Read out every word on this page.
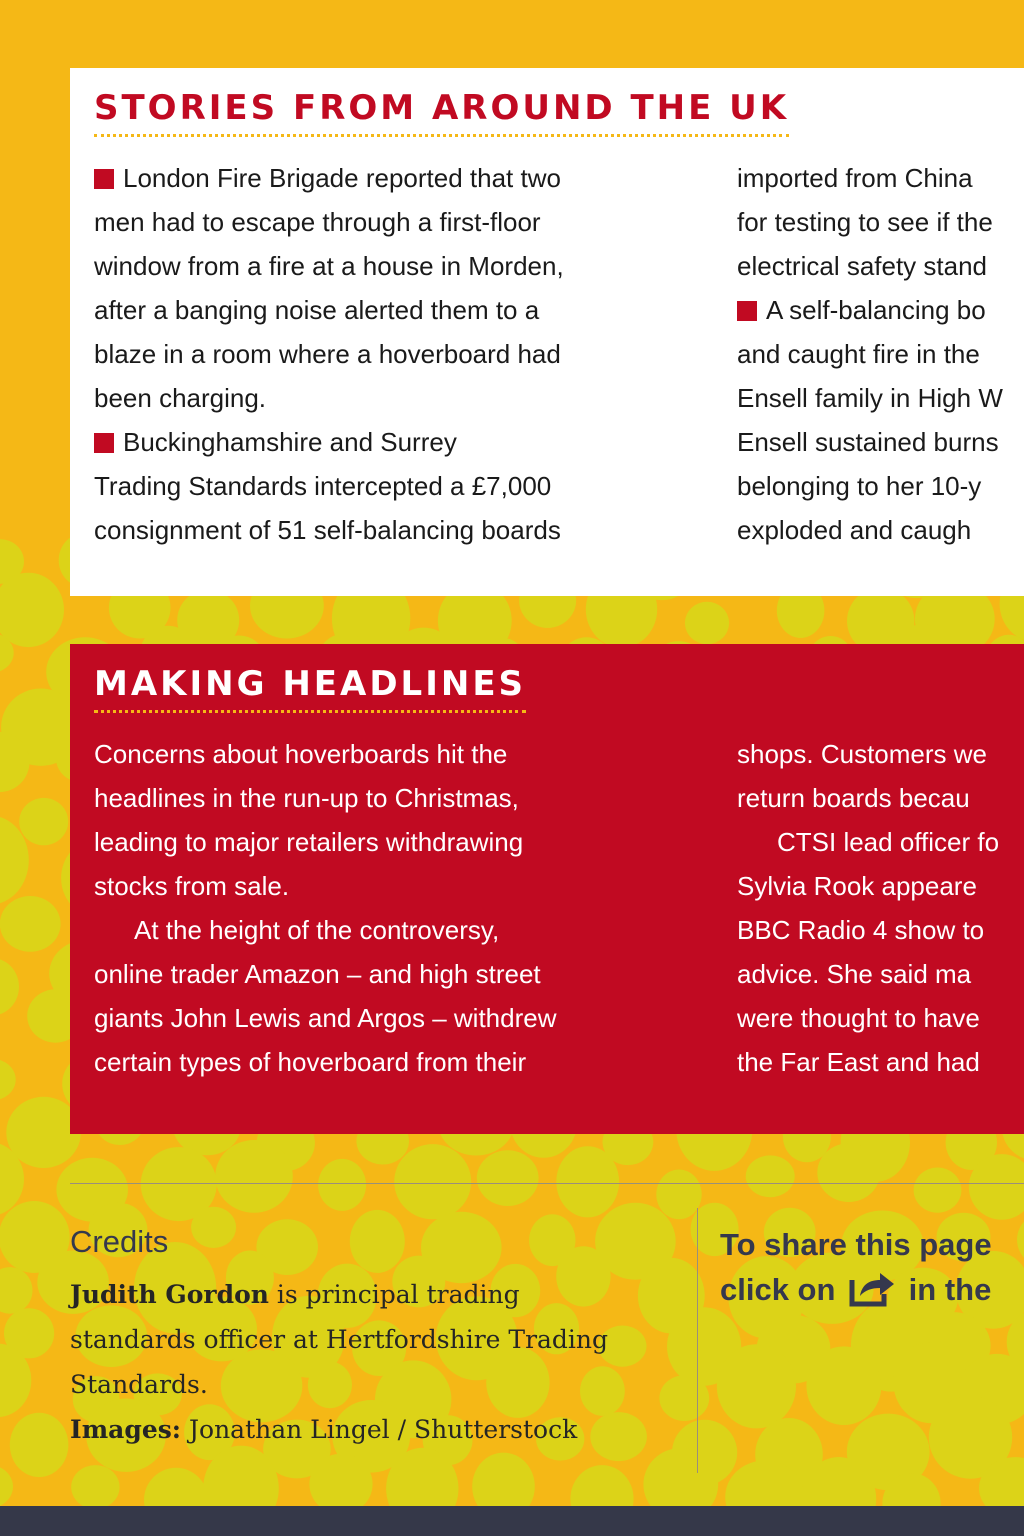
STORIES FROM AROUND THE UK

London Fire Brigade reported that two

men had to escape through a first-floor

window from a fire at a house in Morden,

after a banging noise alerted them to a

blaze in a room where a hoverboard had

been charging.

Buckinghamshire and Surrey

Trading Standards intercepted a £7,000

consignment of 51 self-balancing boards

imported from China

for testing to see if the

electrical safety stand

A self-balancing bo

and caught fire in the

Ensell family in High W

Ensell sustained burns

belonging to her 10-y

exploded and caugh

MAKING HEADLINES

Concerns about hoverboards hit the

headlines in the run-up to Christmas,

leading to major retailers withdrawing

stocks from sale.

At the height of the controversy,

online trader Amazon – and high street

giants John Lewis and Argos – withdrew

certain types of hoverboard from their

shops. Customers we

return boards becau

CTSI lead officer fo

Sylvia Rook appeare

BBC Radio 4 show to

advice. She said ma

were thought to have

the Far East and had

Credits

Judith Gordon is principal trading

standards officer at Hertfordshire Trading

Standards.

Images: Jonathan Lingel / Shutterstock

To share this page

click on  in the
